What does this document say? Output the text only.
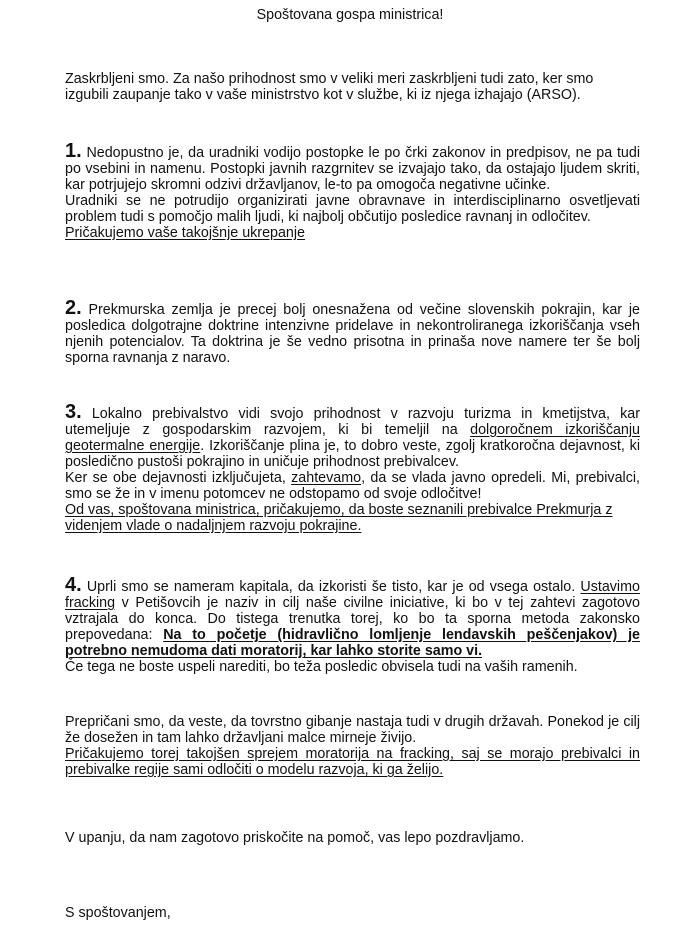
Spoštovana gospa ministrica!

Zaskrbljeni smo. Za našo prihodnost smo v veliki meri zaskrbljeni tudi zato, ker smo izgubili zaupanje tako v vaše ministrstvo kot v službe, ki iz njega izhajajo (ARSO).

1. Nedopustno je, da uradniki vodijo postopke le po črki zakonov in predpisov, ne pa tudi po vsebini in namenu. Postopki javnih razgrnitev se izvajajo tako, da ostajajo ljudem skriti, kar potrjujejo skromni odzivi državljanov, le-to pa omogoča negativne učinke.

Uradniki se ne potrudijo organizirati javne obravnave in interdisciplinarno osvetljevati problem tudi s pomočjo malih ljudi, ki najbolj občutijo posledice ravnanj in odločitev.

Pričakujemo vaše takojšnje ukrepanje

2. Prekmurska zemlja je precej bolj onesnažena od večine slovenskih pokrajin, kar je posledica dolgotrajne doktrine intenzivne pridelave in nekontroliranega izkoriščanja vseh njenih potencialov. Ta doktrina je še vedno prisotna in prinaša nove namere ter še bolj sporna ravnanja z naravo.

3. Lokalno prebivalstvo vidi svojo prihodnost v razvoju turizma in kmetijstva, kar utemeljuje z gospodarskim razvojem, ki bi temeljil na dolgoročnem izkoriščanju geotermalne energije. Izkoriščanje plina je, to dobro veste, zgolj kratkoročna dejavnost, ki posledično pustoši pokrajino in uničuje prihodnost prebivalcev.

Ker se obe dejavnosti izključujeta, zahtevamo, da se vlada javno opredeli. Mi, prebivalci, smo se že in v imenu potomcev ne odstopamo od svoje odločitve!

Od vas, spoštovana ministrica, pričakujemo, da boste seznanili prebivalce Prekmurja z videnjem vlade o nadaljnjem razvoju pokrajine.

4. Uprli smo se nameram kapitala, da izkoristi še tisto, kar je od vsega ostalo. Ustavimo fracking v Petišovcih je naziv in cilj naše civilne iniciative, ki bo v tej zahtevi zagotovo vztrajala do konca. Do tistega trenutka torej, ko bo ta sporna metoda zakonsko prepovedana: Na to početje (hidravlično lomljenje lendavskih peščenjakov) je potrebno nemudoma dati moratorij, kar lahko storite samo vi.

Če tega ne boste uspeli narediti, bo teža posledic obvisela tudi na vaših ramenih.

Prepričani smo, da veste, da tovrstno gibanje nastaja tudi v drugih državah. Ponekod je cilj že dosežen in tam lahko državljani malce mirneje živijo.

Pričakujemo torej takojšen sprejem moratorija na fracking, saj se morajo prebivalci in prebivalke regije sami odločiti o modelu razvoja, ki ga želijo.

V upanju, da nam zagotovo priskočite na pomoč, vas lepo pozdravljamo.

S spoštovanjem,
